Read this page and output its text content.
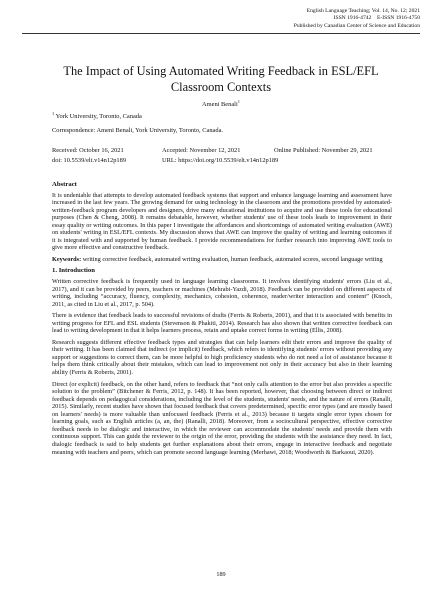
English Language Teaching; Vol. 14, No. 12; 2021
ISSN 1916-4742    E-ISSN 1916-4750
Published by Canadian Center of Science and Education
The Impact of Using Automated Writing Feedback in ESL/EFL Classroom Contexts
Ameni Benali$^1$
$^1$ York University, Toronto, Canada
Correspondence: Ameni Benali, York University, Toronto, Canada.
Received: October 16, 2021	Accepted: November 12, 2021	Online Published: November 29, 2021
doi: 10.5539/elt.v14n12p189	URL: https://doi.org/10.5539/elt.v14n12p189
Abstract

It is undeniable that attempts to develop automated feedback systems that support and enhance language learning and assessment have increased in the last few years. The growing demand for using technology in the classroom and the promotions provided by automated- written-feedback program developers and designers, drive many educational institutions to acquire and use these tools for educational purposes (Chen & Cheng, 2008). It remains debatable, however, whether students' use of these tools leads to improvement in their essay quality or writing outcomes. In this paper I investigate the affordances and shortcomings of automated writing evaluation (AWE) on students' writing in ESL/EFL contexts. My discussion shows that AWE can improve the quality of writing and learning outcomes if it is integrated with and supported by human feedback. I provide recommendations for further research into improving AWE tools to give more effective and constructive feedback.

Keywords: writing corrective feedback, automated writing evaluation, human feedback, automated scores, second language writing

1. Introduction

Written corrective feedback is frequently used in language learning classrooms. It involves identifying students' errors (Liu et al., 2017), and it can be provided by peers, teachers or machines (Mehrabi-Yazdi, 2018). Feedback can be provided on different aspects of writing, including “accuracy, fluency, complexity, mechanics, cohesion, coherence, reader/writer interaction and content” (Knoch, 2011, as cited in Liu et al., 2017, p. 504).

There is evidence that feedback leads to successful revisions of drafts (Ferris & Roberts, 2001), and that it is associated with benefits in writing progress for EFL and ESL students (Stevenson & Phakiti, 2014). Research has also shown that written corrective feedback can lead to writing development in that it helps learners process, retain and uptake correct forms in writing (Ellis, 2008).

Research suggests different effective feedback types and strategies that can help learners edit their errors and improve the quality of their writing. It has been claimed that indirect (or implicit) feedback, which refers to identifying students' errors without providing any support or suggestions to correct them, can be more helpful to high proficiency students who do not need a lot of assistance because it helps them think critically about their mistakes, which can lead to improvement not only in their accuracy but also in their learning ability (Ferris & Roberts, 2001).

Direct (or explicit) feedback, on the other hand, refers to feedback that “not only calls attention to the error but also provides a specific solution to the problem” (Bitchener & Ferris, 2012, p. 148). It has been reported, however, that choosing between direct or indirect feedback depends on pedagogical considerations, including the level of the students, students' needs, and the nature of errors (Ranalli, 2015). Similarly, recent studies have shown that focused feedback that covers predetermined, specific error types (and are mostly based on learners' needs) is more valuable than unfocused feedback (Ferris et al., 2013) because it targets single error types chosen for learning goals, such as English articles (a, an, the) (Ranalli, 2018). Moreover, from a sociocultural perspective, effective corrective feedback needs to be dialogic and interactive, in which the reviewer can accommodate the students' needs and provide them with continuous support. This can guide the reviewer to the origin of the error, providing the students with the assistance they need. In fact, dialogic feedback is said to help students get further explanations about their errors, engage in interactive feedback and negotiate meaning with teachers and peers, which can promote second language learning (Merhawi, 2018; Woodworth & Barkaoui, 2020).

189
